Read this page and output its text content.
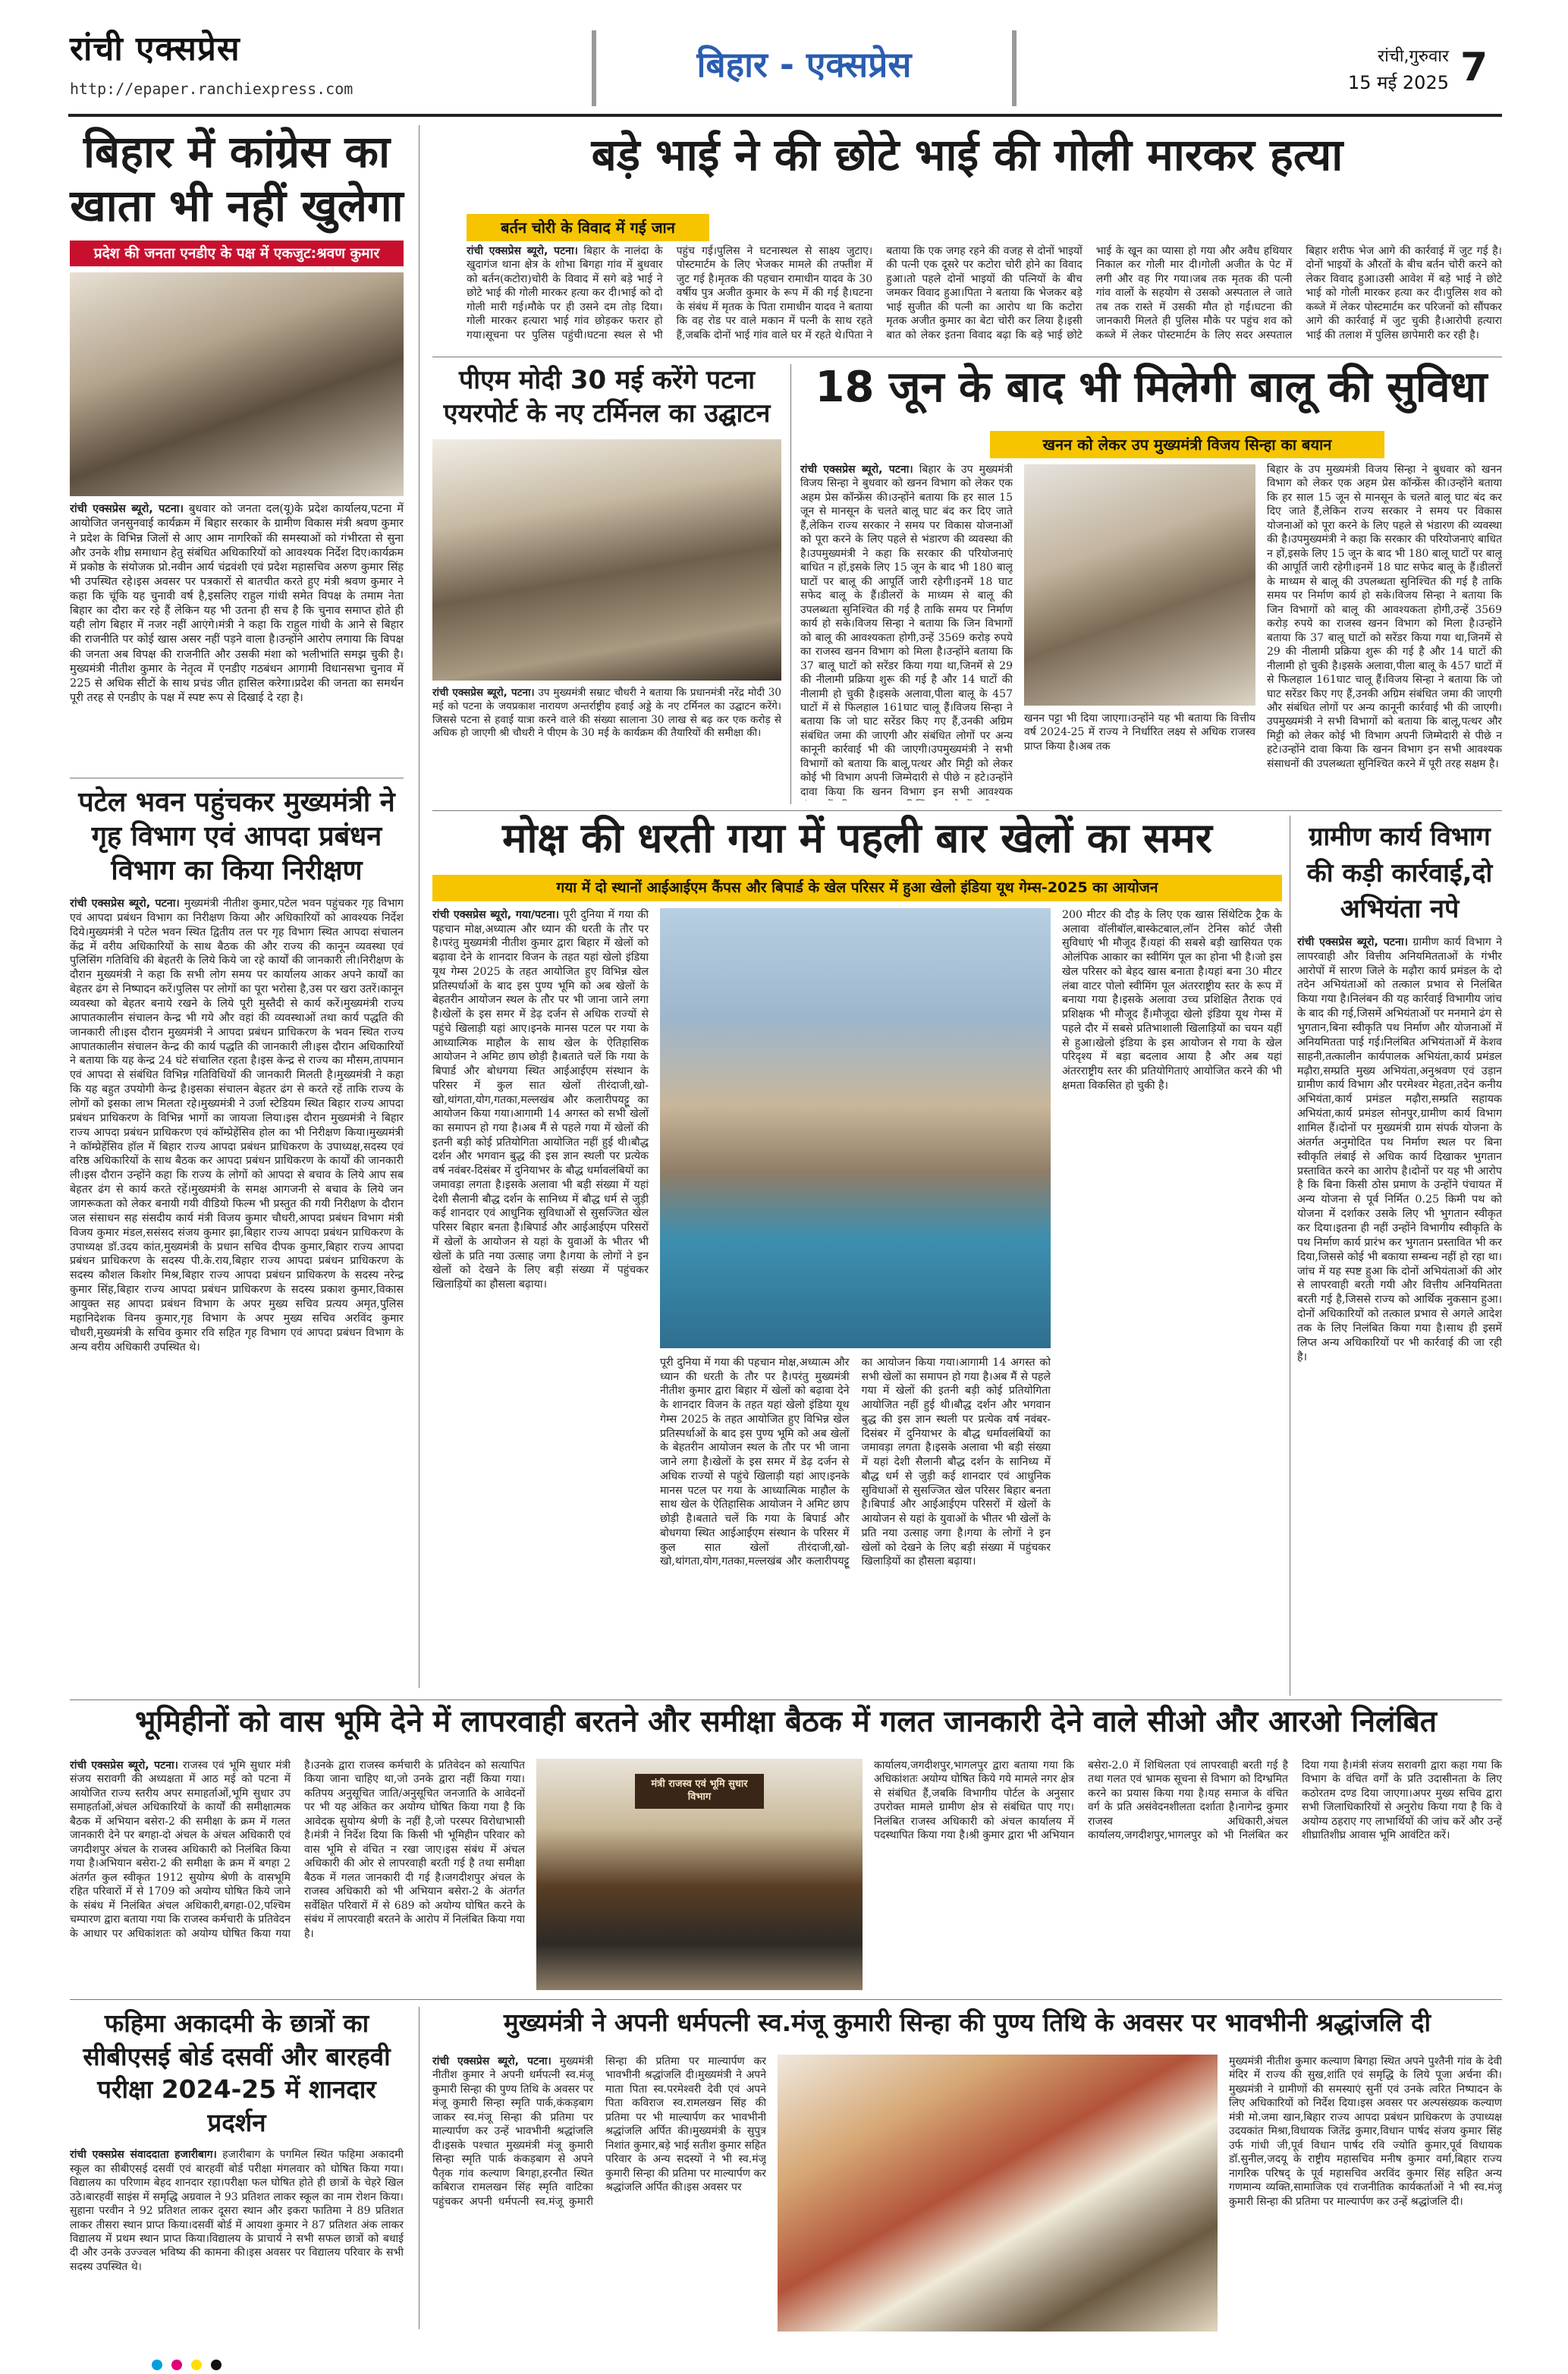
रांची एक्सप्रेस
http://epaper.ranchiexpress.com
बिहार - एक्सप्रेस	रांची,गुरुवार
15 मई 2025 7
बिहार में कांग्रेस का खाता भी नहीं खुलेगा
प्रदेश की जनता एनडीए के पक्ष में एकजुट:श्रवण कुमार
रांची एक्सप्रेस ब्यूरो, पटना। बुधवार को जनता दल(यू)के प्रदेश कार्यालय,पटना में आयोजित जनसुनवाई कार्यक्रम में बिहार सरकार के ग्रामीण विकास मंत्री श्रवण कुमार ने प्रदेश के विभिन्न जिलों से आए आम नागरिकों की समस्याओं को गंभीरता से सुना और उनके शीघ्र समाधान हेतु संबंधित अधिकारियों को आवश्यक निर्देश दिए।कार्यक्रम में प्रकोष्ठ के संयोजक प्रो.नवीन आर्य चंद्रवंशी एवं प्रदेश महासचिव अरुण कुमार सिंह भी उपस्थित रहे।इस अवसर पर पत्रकारों से बातचीत करते हुए मंत्री श्रवण कुमार ने कहा कि चूंकि यह चुनावी वर्ष है,इसलिए राहुल गांधी समेत विपक्ष के तमाम नेता बिहार का दौरा कर रहे हैं लेकिन यह भी उतना ही सच है कि चुनाव समाप्त होते ही यही लोग बिहार में नजर नहीं आएंगे।मंत्री ने कहा कि राहुल गांधी के आने से बिहार की राजनीति पर कोई खास असर नहीं पड़ने वाला है।उन्होंने आरोप लगाया कि विपक्ष की जनता अब विपक्ष की राजनीति और उसकी मंशा को भलीभांति समझ चुकी है।मुख्यमंत्री नीतीश कुमार के नेतृत्व में एनडीए गठबंधन आगामी विधानसभा चुनाव में 225 से अधिक सीटों के साथ प्रचंड जीत हासिल करेगा।प्रदेश की जनता का समर्थन पूरी तरह से एनडीए के पक्ष में स्पष्ट रूप से दिखाई दे रहा है।
पटेल भवन पहुंचकर मुख्यमंत्री ने गृह विभाग एवं आपदा प्रबंधन विभाग का किया निरीक्षण
रांची एक्सप्रेस ब्यूरो, पटना। मुख्यमंत्री नीतीश कुमार,पटेल भवन पहुंचकर गृह विभाग एवं आपदा प्रबंधन विभाग का निरीक्षण किया और अधिकारियों को आवश्यक निर्देश दिये।मुख्यमंत्री ने पटेल भवन स्थित द्वितीय तल पर गृह विभाग स्थित आपदा संचालन केंद्र में वरीय अधिकारियों के साथ बैठक की और राज्य की कानून व्यवस्था एवं पुलिसिंग गतिविधि की बेहतरी के लिये किये जा रहे कार्यों की जानकारी ली।निरीक्षण के दौरान मुख्यमंत्री ने कहा कि सभी लोग समय पर कार्यालय आकर अपने कार्यों का बेहतर ढंग से निष्पादन करें।पुलिस पर लोगों का पूरा भरोसा है,उस पर खरा उतरें।कानून व्यवस्था को बेहतर बनाये रखने के लिये पूरी मुस्तैदी से कार्य करें।मुख्यमंत्री राज्य आपातकालीन संचालन केन्द्र भी गये और वहां की व्यवस्थाओं तथा कार्य पद्धति की जानकारी ली।इस दौरान मुख्यमंत्री ने आपदा प्रबंधन प्राधिकरण के भवन स्थित राज्य आपातकालीन संचालन केन्द्र की कार्य पद्धति की जानकारी ली।इस दौरान अधिकारियों ने बताया कि यह केन्द्र 24 घंटे संचालित रहता है।इस केन्द्र से राज्य का मौसम,तापमान एवं आपदा से संबंधित विभिन्न गतिविधियों की जानकारी मिलती है।मुख्यमंत्री ने कहा कि यह बहुत उपयोगी केन्द्र है।इसका संचालन बेहतर ढंग से करते रहें ताकि राज्य के लोगों को इसका लाभ मिलता रहे।मुख्यमंत्री ने उर्जा स्टेडियम स्थित बिहार राज्य आपदा प्रबंधन प्राधिकरण के विभिन्न भागों का जायजा लिया।इस दौरान मुख्यमंत्री ने बिहार राज्य आपदा प्रबंधन प्राधिकरण एवं कॉम्प्रेहेंसिव होल का भी निरीक्षण किया।मुख्यमंत्री ने कॉम्प्रेहेंसिव हॉल में बिहार राज्य आपदा प्रबंधन प्राधिकरण के उपाध्यक्ष,सदस्य एवं वरिष्ठ अधिकारियों के साथ बैठक कर आपदा प्रबंधन प्राधिकरण के कार्यों की जानकारी ली।इस दौरान उन्होंने कहा कि राज्य के लोगों को आपदा से बचाव के लिये आप सब बेहतर ढंग से कार्य करते रहें।मुख्यमंत्री के समक्ष आगजनी से बचाव के लिये जन जागरूकता को लेकर बनायी गयी वीडियो फिल्म भी प्रस्तुत की गयी निरीक्षण के दौरान जल संसाधन सह संसदीय कार्य मंत्री विजय कुमार चौधरी,आपदा प्रबंधन विभाग मंत्री विजय कुमार मंडल,ससंसद संजय कुमार झा,बिहार राज्य आपदा प्रबंधन प्राधिकरण के उपाध्यक्ष डॉ.उदय कांत,मुख्यमंत्री के प्रधान सचिव दीपक कुमार,बिहार राज्य आपदा प्रबंधन प्राधिकरण के सदस्य पी.के.राय,बिहार राज्य आपदा प्रबंधन प्राधिकरण के सदस्य कौशल किशोर मिश्र,बिहार राज्य आपदा प्रबंधन प्राधिकरण के सदस्य नरेन्द्र कुमार सिंह,बिहार राज्य आपदा प्रबंधन प्राधिकरण के सदस्य प्रकाश कुमार,विकास आयुक्त सह आपदा प्रबंधन विभाग के अपर मुख्य सचिव प्रत्यय अमृत,पुलिस महानिदेशक विनय कुमार,गृह विभाग के अपर मुख्य सचिव अरविंद कुमार चौधरी,मुख्यमंत्री के सचिव कुमार रवि सहित गृह विभाग एवं आपदा प्रबंधन विभाग के अन्य वरीय अधिकारी उपस्थित थे।
बड़े भाई ने की छोटे भाई की गोली मारकर हत्या
बर्तन चोरी के विवाद में गई जान
रांची एक्सप्रेस ब्यूरो, पटना। बिहार के नालंदा के खुदागंज थाना क्षेत्र के शोभा बिगहा गांव में बुधवार को बर्तन(कटोरा)चोरी के विवाद में सगे बड़े भाई ने छोटे भाई की गोली मारकर हत्या कर दी।भाई को दो गोली मारी गई।मौके पर ही उसने दम तोड़ दिया।गोली मारकर हत्यारा भाई गांव छोड़कर फरार हो गया।सूचना पर पुलिस पहुंची।घटना स्थल से भी पहुंच गई।पुलिस ने घटनास्थल से साक्ष्य जुटाए।पोस्टमार्टम के लिए भेजकर मामले की तफ्तीश में जुट गई है।मृतक की पहचान रामाधीन यादव के 30 वर्षीय पुत्र अजीत कुमार के रूप में की गई है।घटना के संबंध में मृतक के पिता रामाधीन यादव ने बताया कि वह रोड पर वाले मकान में पत्नी के साथ रहते हैं,जबकि दोनों भाई गांव वाले घर में रहते थे।पिता ने बताया कि एक जगह रहने की वजह से दोनों भाइयों की पत्नी एक दूसरे पर कटोरा चोरी होने का विवाद हुआ।तो पहले दोनों भाइयों की पत्नियों के बीच जमकर विवाद हुआ।पिता ने बताया कि भेजकर बड़े भाई सुजीत की पत्नी का आरोप था कि कटोरा मृतक अजीत कुमार का बेटा चोरी कर लिया है।इसी बात को लेकर इतना विवाद बढ़ा कि बड़े भाई छोटे भाई के खून का प्यासा हो गया और अवैध हथियार निकाल कर गोली मार दी।गोली अजीत के पेट में लगी और वह गिर गया।जब तक मृतक की पत्नी गांव वालों के सहयोग से उसको अस्पताल ले जाते तब तक रास्ते में उसकी मौत हो गई।घटना की जानकारी मिलते ही पुलिस मौके पर पहुंच शव को कब्जे में लेकर पोस्टमार्टम के लिए सदर अस्पताल बिहार शरीफ भेज आगे की कार्रवाई में जुट गई है।दोनों भाइयों के औरतों के बीच बर्तन चोरी करने को लेकर विवाद हुआ।उसी आवेश में बड़े भाई ने छोटे भाई को गोली मारकर हत्या कर दी।पुलिस शव को कब्जे में लेकर पोस्टमार्टम कर परिजनों को सौंपकर आगे की कार्रवाई में जुट चुकी है।आरोपी हत्यारा भाई की तलाश में पुलिस छापेमारी कर रही है।
पीएम मोदी 30 मई करेंगे पटना एयरपोर्ट के नए टर्मिनल का उद्घाटन
रांची एक्सप्रेस ब्यूरो, पटना। उप मुख्यमंत्री सम्राट चौधरी ने बताया कि प्रधानमंत्री नरेंद्र मोदी 30 मई को पटना के जयप्रकाश नारायण अन्तर्राष्ट्रीय हवाई अड्डे के नए टर्मिनल का उद्घाटन करेंगे।जिससे पटना से हवाई यात्रा करने वाले की संख्या सालाना 30 लाख से बढ़ कर एक करोड़ से अधिक हो जाएगी श्री चौधरी ने पीएम के 30 मई के कार्यक्रम की तैयारियों की समीक्षा की।
18 जून के बाद भी मिलेगी बालू की सुविधा
खनन को लेकर उप मुख्यमंत्री विजय सिन्हा का बयान
रांची एक्सप्रेस ब्यूरो, पटना। बिहार के उप मुख्यमंत्री विजय सिन्हा ने बुधवार को खनन विभाग को लेकर एक अहम प्रेस कॉन्फ्रेंस की।उन्होंने बताया कि हर साल 15 जून से मानसून के चलते बालू घाट बंद कर दिए जाते हैं,लेकिन राज्य सरकार ने समय पर विकास योजनाओं को पूरा करने के लिए पहले से भंडारण की व्यवस्था की है।उपमुख्यमंत्री ने कहा कि सरकार की परियोजनाएं बाधित न हों,इसके लिए 15 जून के बाद भी 180 बालू घाटों पर बालू की आपूर्ति जारी रहेगी।इनमें 18 घाट सफेद बालू के हैं।डीलरों के माध्यम से बालू की उपलब्धता सुनिश्चित की गई है ताकि समय पर निर्माण कार्य हो सके।विजय सिन्हा ने बताया कि जिन विभागों को बालू की आवश्यकता होगी,उन्हें 3569 करोड़ रुपये का राजस्व खनन विभाग को मिला है।उन्होंने बताया कि 37 बालू घाटों को सरेंडर किया गया था,जिनमें से 29 की नीलामी प्रक्रिया शुरू की गई है और 14 घाटों की नीलामी हो चुकी है।इसके अलावा,पीला बालू के 457 घाटों में से फिलहाल 161घाट चालू हैं।विजय सिन्हा ने बताया कि जो घाट सरेंडर किए गए हैं,उनकी अग्रिम संबंधित जमा की जाएगी और संबंधित लोगों पर अन्य कानूनी कार्रवाई भी की जाएगी।उपमुख्यमंत्री ने सभी विभागों को बताया कि बालू,पत्थर और मिट्टी को लेकर कोई भी विभाग अपनी जिम्मेदारी से पीछे न हटे।उन्होंने दावा किया कि खनन विभाग इन सभी आवश्यक
खनन पट्टा भी दिया जाएगा।उन्होंने यह भी बताया कि वित्तीय वर्ष 2024-25 में राज्य ने निर्धारित लक्ष्य से अधिक राजस्व प्राप्त किया है।अब तक
बिहार के उप मुख्यमंत्री विजय सिन्हा ने बुधवार को खनन विभाग को लेकर एक अहम प्रेस कॉन्फ्रेंस की।उन्होंने बताया कि हर साल 15 जून से मानसून के चलते बालू घाट बंद कर दिए जाते हैं,लेकिन राज्य सरकार ने समय पर विकास योजनाओं को पूरा करने के लिए पहले से भंडारण की व्यवस्था की है।उपमुख्यमंत्री ने कहा कि सरकार की परियोजनाएं बाधित न हों,इसके लिए 15 जून के बाद भी 180 बालू घाटों पर बालू की आपूर्ति जारी रहेगी।इनमें 18 घाट सफेद बालू के हैं।डीलरों के माध्यम से बालू की उपलब्धता सुनिश्चित की गई है ताकि समय पर निर्माण कार्य हो सके।विजय सिन्हा ने बताया कि जिन विभागों को बालू की आवश्यकता होगी,उन्हें 3569 करोड़ रुपये का राजस्व खनन विभाग को मिला है।उन्होंने बताया कि 37 बालू घाटों को सरेंडर किया गया था,जिनमें से 29 की नीलामी प्रक्रिया शुरू की गई है और 14 घाटों की नीलामी हो चुकी है।इसके अलावा,पीला बालू के 457 घाटों में से फिलहाल 161घाट चालू हैं।विजय सिन्हा ने बताया कि जो घाट सरेंडर किए गए हैं,उनकी अग्रिम संबंधित जमा की जाएगी और संबंधित लोगों पर अन्य कानूनी कार्रवाई भी की जाएगी।उपमुख्यमंत्री ने सभी विभागों को बताया कि बालू,पत्थर और मिट्टी को लेकर कोई भी विभाग अपनी जिम्मेदारी से पीछे न हटे।उन्होंने दावा किया कि खनन विभाग इन सभी आवश्यक संसाधनों की उपलब्धता सुनिश्चित करने में पूरी तरह सक्षम है।
मोक्ष की धरती गया में पहली बार खेलों का समर
गया में दो स्थानों आईआईएम कैंपस और बिपार्ड के खेल परिसर में हुआ खेलो इंडिया यूथ गेम्स-2025 का आयोजन
रांची एक्सप्रेस ब्यूरो, गया/पटना। पूरी दुनिया में गया की पहचान मोक्ष,अध्यात्म और ध्यान की धरती के तौर पर है।परंतु मुख्यमंत्री नीतीश कुमार द्वारा बिहार में खेलों को बढ़ावा देने के शानदार विजन के तहत यहां खेलो इंडिया यूथ गेम्स 2025 के तहत आयोजित हुए विभिन्न खेल प्रतिस्पर्धाओं के बाद इस पुण्य भूमि को अब खेलों के बेहतरीन आयोजन स्थल के तौर पर भी जाना जाने लगा है।खेलों के इस समर में डेढ़ दर्जन से अधिक राज्यों से पहुंचे खिलाड़ी यहां आए।इनके मानस पटल पर गया के आध्यात्मिक माहौल के साथ खेल के ऐतिहासिक आयोजन ने अमिट छाप छोड़ी है।बताते चलें कि गया के बिपार्ड और बोधगया स्थित आईआईएम संस्थान के परिसर में कुल सात खेलों तीरंदाजी,खो-खो,थांगता,योग,गतका,मल्लखंब और कलारीपयट्टू का आयोजन किया गया।आगामी 14 अगस्त को सभी खेलों का समापन हो गया है।अब मैं से पहले गया में खेलों की इतनी बड़ी कोई प्रतियोगिता आयोजित नहीं हुई थी।बौद्ध दर्शन और भगवान बुद्ध की इस ज्ञान स्थली पर प्रत्येक वर्ष नवंबर-दिसंबर में दुनियाभर के बौद्ध धर्मावलंबियों का जमावड़ा लगता है।इसके अलावा भी बड़ी संख्या में यहां देशी सैलानी बौद्ध दर्शन के सानिध्य में बौद्ध धर्म से जुड़ी कई शानदार एवं आधुनिक सुविधाओं से सुसज्जित खेल परिसर बिहार बनता है।बिपार्ड और आईआईएम परिसरों में खेलों के आयोजन से यहां के युवाओं के भीतर भी खेलों के प्रति नया उत्साह जगा है।गया के लोगों ने इन खेलों को देखने के लिए बड़ी संख्या में पहुंचकर खिलाड़ियों का हौसला बढ़ाया।
पूरी दुनिया में गया की पहचान मोक्ष,अध्यात्म और ध्यान की धरती के तौर पर है।परंतु मुख्यमंत्री नीतीश कुमार द्वारा बिहार में खेलों को बढ़ावा देने के शानदार विजन के तहत यहां खेलो इंडिया यूथ गेम्स 2025 के तहत आयोजित हुए विभिन्न खेल प्रतिस्पर्धाओं के बाद इस पुण्य भूमि को अब खेलों के बेहतरीन आयोजन स्थल के तौर पर भी जाना जाने लगा है।खेलों के इस समर में डेढ़ दर्जन से अधिक राज्यों से पहुंचे खिलाड़ी यहां आए।इनके मानस पटल पर गया के आध्यात्मिक माहौल के साथ खेल के ऐतिहासिक आयोजन ने अमिट छाप छोड़ी है।बताते चलें कि गया के बिपार्ड और बोधगया स्थित आईआईएम संस्थान के परिसर में कुल सात खेलों तीरंदाजी,खो-खो,थांगता,योग,गतका,मल्लखंब और कलारीपयट्टू का आयोजन किया गया।आगामी 14 अगस्त को सभी खेलों का समापन हो गया है।अब मैं से पहले गया में खेलों की इतनी बड़ी कोई प्रतियोगिता आयोजित नहीं हुई थी।बौद्ध दर्शन और भगवान बुद्ध की इस ज्ञान स्थली पर प्रत्येक वर्ष नवंबर-दिसंबर में दुनियाभर के बौद्ध धर्मावलंबियों का जमावड़ा लगता है।इसके अलावा भी बड़ी संख्या में यहां देशी सैलानी बौद्ध दर्शन के सानिध्य में बौद्ध धर्म से जुड़ी कई शानदार एवं आधुनिक सुविधाओं से सुसज्जित खेल परिसर बिहार बनता है।बिपार्ड और आईआईएम परिसरों में खेलों के आयोजन से यहां के युवाओं के भीतर भी खेलों के प्रति नया उत्साह जगा है।गया के लोगों ने इन खेलों को देखने के लिए बड़ी संख्या में पहुंचकर खिलाड़ियों का हौसला बढ़ाया।
200 मीटर की दौड़ के लिए एक खास सिंथेटिक ट्रैक के अलावा वॉलीबॉल,बास्केटबाल,लॉन टेनिस कोर्ट जैसी सुविधाएं भी मौजूद हैं।यहां की सबसे बड़ी खासियत एक ओलंपिक आकार का स्वीमिंग पूल का होना भी है।जो इस खेल परिसर को बेहद खास बनाता है।यहां बना 30 मीटर लंबा वाटर पोलो स्वीमिंग पूल अंतरराष्ट्रीय स्तर के रूप में बनाया गया है।इसके अलावा उच्च प्रशिक्षित तैराक एवं प्रशिक्षक भी मौजूद हैं।मौजूदा खेलो इंडिया यूथ गेम्स में पहले दौर में सबसे प्रतिभाशाली खिलाड़ियों का चयन यहीं से हुआ।खेलो इंडिया के इस आयोजन से गया के खेल परिदृश्य में बड़ा बदलाव आया है और अब यहां अंतरराष्ट्रीय स्तर की प्रतियोगिताएं आयोजित करने की भी क्षमता विकसित हो चुकी है।
ग्रामीण कार्य विभाग की कड़ी कार्रवाई,दो अभियंता नपे
रांची एक्सप्रेस ब्यूरो, पटना। ग्रामीण कार्य विभाग ने लापरवाही और वित्तीय अनियमितताओं के गंभीर आरोपों में सारण जिले के मढ़ौरा कार्य प्रमंडल के दो तदेन अभियंताओं को तत्काल प्रभाव से निलंबित किया गया है।निलंबन की यह कार्रवाई विभागीय जांच के बाद की गई,जिसमें अभियंताओं पर मनमाने ढंग से भुगतान,बिना स्वीकृति पथ निर्माण और योजनाओं में अनियमितता पाई गई।निलंबित अभियंताओं में केशव साहनी,तत्कालीन कार्यपालक अभियंता,कार्य प्रमंडल मढ़ौरा,सम्प्रति मुख्य अभियंता,अनुश्रवण एवं उड़ान ग्रामीण कार्य विभाग और परमेश्वर मेहता,तदेन कनीय अभियंता,कार्य प्रमंडल मढ़ौरा,सम्प्रति सहायक अभियंता,कार्य प्रमंडल सोनपुर,ग्रामीण कार्य विभाग शामिल हैं।दोनों पर मुख्यमंत्री ग्राम संपर्क योजना के अंतर्गत अनुमोदित पथ निर्माण स्थल पर बिना स्वीकृति लंबाई से अधिक कार्य दिखाकर भुगतान प्रस्तावित करने का आरोप है।दोनों पर यह भी आरोप है कि बिना किसी ठोस प्रमाण के उन्होंने पंचायत में अन्य योजना से पूर्व निर्मित 0.25 किमी पथ को योजना में दर्शाकर उसके लिए भी भुगतान स्वीकृत कर दिया।इतना ही नहीं उन्होंने विभागीय स्वीकृति के पथ निर्माण कार्य प्रारंभ कर भुगतान प्रस्तावित भी कर दिया,जिससे कोई भी बकाया सम्बन्ध नहीं हो रहा था।जांच में यह स्पष्ट हुआ कि दोनों अभियंताओं की ओर से लापरवाही बरती गयी और वित्तीय अनियमितता बरती गई है,जिससे राज्य को आर्थिक नुकसान हुआ।दोनों अधिकारियों को तत्काल प्रभाव से अगले आदेश तक के लिए निलंबित किया गया है।साथ ही इसमें लिप्त अन्य अधिकारियों पर भी कार्रवाई की जा रही है।
भूमिहीनों को वास भूमि देने में लापरवाही बरतने और समीक्षा बैठक में गलत जानकारी देने वाले सीओ और आरओ निलंबित
रांची एक्सप्रेस ब्यूरो, पटना। राजस्व एवं भूमि सुधार मंत्री संजय सरावगी की अध्यक्षता में आठ मई को पटना में आयोजित राज्य स्तरीय अपर समाहर्ताओं,भूमि सुधार उप समाहर्ताओं,अंचल अधिकारियों के कार्यों की समीक्षात्मक बैठक में अभियान बसेरा-2 की समीक्षा के क्रम में गलत जानकारी देने पर बगहा-दो अंचल के अंचल अधिकारी एवं जगदीशपुर अंचल के राजस्व अधिकारी को निलंबित किया गया है।अभियान बसेरा-2 की समीक्षा के क्रम में बगहा 2 अंतर्गत कुल स्वीकृत 1912 सुयोग्य श्रेणी के वासभूमि रहित परिवारों में से 1709 को अयोग्य घोषित किये जाने के संबंध में निलंबित अंचल अधिकारी,बगहा-02,पश्चिम चम्पारण द्वारा बताया गया कि राजस्व कर्मचारी के प्रतिवेदन के आधार पर अधिकांशतः को अयोग्य घोषित किया गया है।उनके द्वारा राजस्व कर्मचारी के प्रतिवेदन को सत्यापित किया जाना चाहिए था,जो उनके द्वारा नहीं किया गया।कतिपय अनुसूचित जाति/अनुसूचित जनजाति के आवेदनों पर भी यह अंकित कर अयोग्य घोषित किया गया है कि आवेदक सुयोग्य श्रेणी के नहीं है,जो परस्पर विरोधाभासी है।मंत्री ने निर्देश दिया कि किसी भी भूमिहीन परिवार को वास भूमि से वंचित न रखा जाए।इस संबंध में अंचल अधिकारी की ओर से लापरवाही बरती गई है तथा समीक्षा बैठक में गलत जानकारी दी गई है।जगदीशपुर अंचल के राजस्व अधिकारी को भी अभियान बसेरा-2 के अंतर्गत सर्वेक्षित परिवारों में से 689 को अयोग्य घोषित करने के संबंध में लापरवाही बरतने के आरोप में निलंबित किया गया है।
मंत्री राजस्व एवं भूमि सुधार विभाग
कार्यालय,जगदीशपुर,भागलपुर द्वारा बताया गया कि अधिकांशतः अयोग्य घोषित किये गये मामले नगर क्षेत्र से संबंधित हैं,जबकि विभागीय पोर्टल के अनुसार उपरोक्त मामले ग्रामीण क्षेत्र से संबंधित पाए गए।निलंबित राजस्व अधिकारी को अंचल कार्यालय में पदस्थापित किया गया है।श्री कुमार द्वारा भी अभियान बसेरा-2.0 में शिथिलता एवं लापरवाही बरती गई है तथा गलत एवं भ्रामक सूचना से विभाग को दिग्भ्रमित करने का प्रयास किया गया है।यह समाज के वंचित वर्ग के प्रति असंवेदनशीलता दर्शाता है।नागेन्द्र कुमार राजस्व अधिकारी,अंचल कार्यालय,जगदीशपुर,भागलपुर को भी निलंबित कर दिया गया है।मंत्री संजय सरावगी द्वारा कहा गया कि विभाग के वंचित वर्गों के प्रति उदासीनता के लिए कठोरतम दण्ड दिया जाएगा।अपर मुख्य सचिव द्वारा सभी जिलाधिकारियों से अनुरोध किया गया है कि वे अयोग्य ठहराए गए लाभार्थियों की जांच करें और उन्हें शीघ्रातिशीघ्र आवास भूमि आवंटित करें।
फहिमा अकादमी के छात्रों का सीबीएसई बोर्ड दसवीं और बारहवी परीक्षा 2024-25 में शानदार प्रदर्शन
रांची एक्सप्रेस संवाददाता हजारीबाग। हजारीबाग के पगमिल स्थित फहिमा अकादमी स्कूल का सीबीएसई दसवीं एवं बारहवीं बोर्ड परीक्षा मंगलवार को घोषित किया गया।विद्यालय का परिणाम बेहद शानदार रहा।परीक्षा फल घोषित होते ही छात्रों के चेहरे खिल उठे।बारहवीं साइंस में समृद्धि अग्रवाल ने 93 प्रतिशत लाकर स्कूल का नाम रोशन किया।सुहाना परवीन ने 92 प्रतिशत लाकर दूसरा स्थान और इकरा फातिमा ने 89 प्रतिशत लाकर तीसरा स्थान प्राप्त किया।दसवीं बोर्ड में आयशा कुमार ने 87 प्रतिशत अंक लाकर विद्यालय में प्रथम स्थान प्राप्त किया।विद्यालय के प्राचार्य ने सभी सफल छात्रों को बधाई दी और उनके उज्ज्वल भविष्य की कामना की।इस अवसर पर विद्यालय परिवार के सभी सदस्य उपस्थित थे।
मुख्यमंत्री ने अपनी धर्मपत्नी स्व.मंजू कुमारी सिन्हा की पुण्य तिथि के अवसर पर भावभीनी श्रद्धांजलि दी
रांची एक्सप्रेस ब्यूरो, पटना। मुख्यमंत्री नीतीश कुमार ने अपनी धर्मपत्नी स्व.मंजू कुमारी सिन्हा की पुण्य तिथि के अवसर पर मंजू कुमारी सिन्हा स्मृति पार्क,कंकड़बाग जाकर स्व.मंजू सिन्हा की प्रतिमा पर माल्यार्पण कर उन्हें भावभीनी श्रद्धांजलि दी।इसके पश्चात मुख्यमंत्री मंजू कुमारी सिन्हा स्मृति पार्क कंकड़बाग से अपने पैतृक गांव कल्याण बिगहा,हरनौत स्थित कबिराज रामलखन सिंह स्मृति वाटिका पहुंचकर अपनी धर्मपत्नी स्व.मंजू कुमारी सिन्हा की प्रतिमा पर माल्यार्पण कर भावभीनी श्रद्धांजलि दी।मुख्यमंत्री ने अपने माता पिता स्व.परमेश्वरी देवी एवं अपने पिता कविराज स्व.रामलखन सिंह की प्रतिमा पर भी माल्यार्पण कर भावभीनी श्रद्धांजलि अर्पित की।मुख्यमंत्री के सुपुत्र निशांत कुमार,बड़े भाई सतीश कुमार सहित परिवार के अन्य सदस्यों ने भी स्व.मंजू कुमारी सिन्हा की प्रतिमा पर माल्यार्पण कर श्रद्धांजलि अर्पित की।इस अवसर पर
मुख्यमंत्री नीतीश कुमार कल्याण बिगहा स्थित अपने पुश्तैनी गांव के देवी मंदिर में राज्य की सुख,शांति एवं समृद्धि के लिये पूजा अर्चना की।मुख्यमंत्री ने ग्रामीणों की समस्याएं सुनीं एवं उनके त्वरित निष्पादन के लिए अधिकारियों को निर्देश दिया।इस अवसर पर अल्पसंख्यक कल्याण मंत्री मो.जमा खान,बिहार राज्य आपदा प्रबंधन प्राधिकरण के उपाध्यक्ष उदयकांत मिश्रा,विधायक जितेंद्र कुमार,विधान पार्षद संजय कुमार सिंह उर्फ गांधी जी,पूर्व विधान पार्षद रवि ज्योति कुमार,पूर्व विधायक डॉ.सुनील,जदयू के राष्ट्रीय महासचिव मनीष कुमार वर्मा,बिहार राज्य नागरिक परिषद् के पूर्व महासचिव अरविंद कुमार सिंह सहित अन्य गणमान्य व्यक्ति,सामाजिक एवं राजनीतिक कार्यकर्ताओं ने भी स्व.मंजू कुमारी सिन्हा की प्रतिमा पर माल्यार्पण कर उन्हें श्रद्धांजलि दी।
